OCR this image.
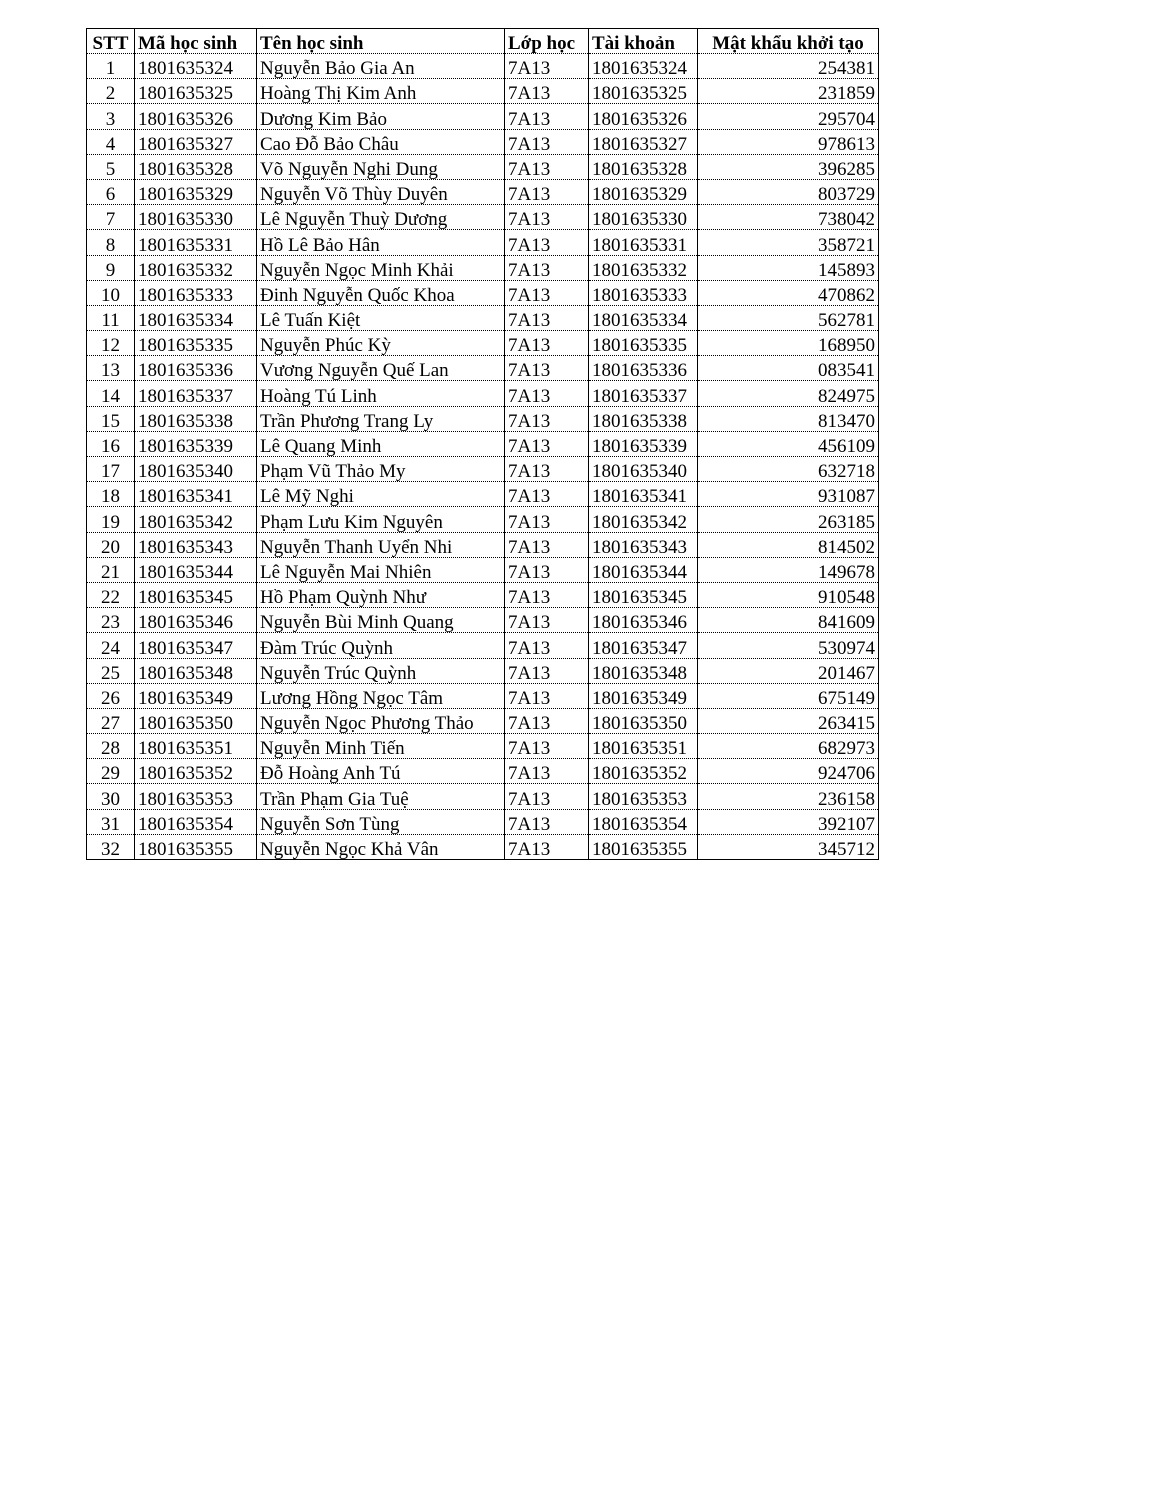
STT	Mã học sinh	Tên học sinh	Lớp học	Tài khoản	Mật khẩu khởi tạo
1	1801635324	Nguyễn Bảo Gia An	7A13	1801635324	254381
2	1801635325	Hoàng Thị Kim Anh	7A13	1801635325	231859
3	1801635326	Dương Kim Bảo	7A13	1801635326	295704
4	1801635327	Cao Đỗ Bảo Châu	7A13	1801635327	978613
5	1801635328	Võ Nguyễn Nghi Dung	7A13	1801635328	396285
6	1801635329	Nguyễn Võ Thùy Duyên	7A13	1801635329	803729
7	1801635330	Lê Nguyễn Thuỳ Dương	7A13	1801635330	738042
8	1801635331	Hồ Lê Bảo Hân	7A13	1801635331	358721
9	1801635332	Nguyễn Ngọc Minh Khải	7A13	1801635332	145893
10	1801635333	Đinh Nguyễn Quốc Khoa	7A13	1801635333	470862
11	1801635334	Lê Tuấn Kiệt	7A13	1801635334	562781
12	1801635335	Nguyễn Phúc Kỳ	7A13	1801635335	168950
13	1801635336	Vương Nguyễn Quế Lan	7A13	1801635336	083541
14	1801635337	Hoàng Tú Linh	7A13	1801635337	824975
15	1801635338	Trần Phương Trang Ly	7A13	1801635338	813470
16	1801635339	Lê Quang Minh	7A13	1801635339	456109
17	1801635340	Phạm Vũ Thảo My	7A13	1801635340	632718
18	1801635341	Lê Mỹ Nghi	7A13	1801635341	931087
19	1801635342	Phạm Lưu Kim Nguyên	7A13	1801635342	263185
20	1801635343	Nguyễn Thanh Uyển Nhi	7A13	1801635343	814502
21	1801635344	Lê Nguyễn Mai Nhiên	7A13	1801635344	149678
22	1801635345	Hồ Phạm Quỳnh Như	7A13	1801635345	910548
23	1801635346	Nguyễn Bùi Minh Quang	7A13	1801635346	841609
24	1801635347	Đàm Trúc Quỳnh	7A13	1801635347	530974
25	1801635348	Nguyễn Trúc Quỳnh	7A13	1801635348	201467
26	1801635349	Lương Hồng Ngọc Tâm	7A13	1801635349	675149
27	1801635350	Nguyễn Ngọc Phương Thảo	7A13	1801635350	263415
28	1801635351	Nguyễn Minh Tiến	7A13	1801635351	682973
29	1801635352	Đỗ Hoàng Anh Tú	7A13	1801635352	924706
30	1801635353	Trần Phạm Gia Tuệ	7A13	1801635353	236158
31	1801635354	Nguyễn Sơn Tùng	7A13	1801635354	392107
32	1801635355	Nguyễn Ngọc Khả Vân	7A13	1801635355	345712
